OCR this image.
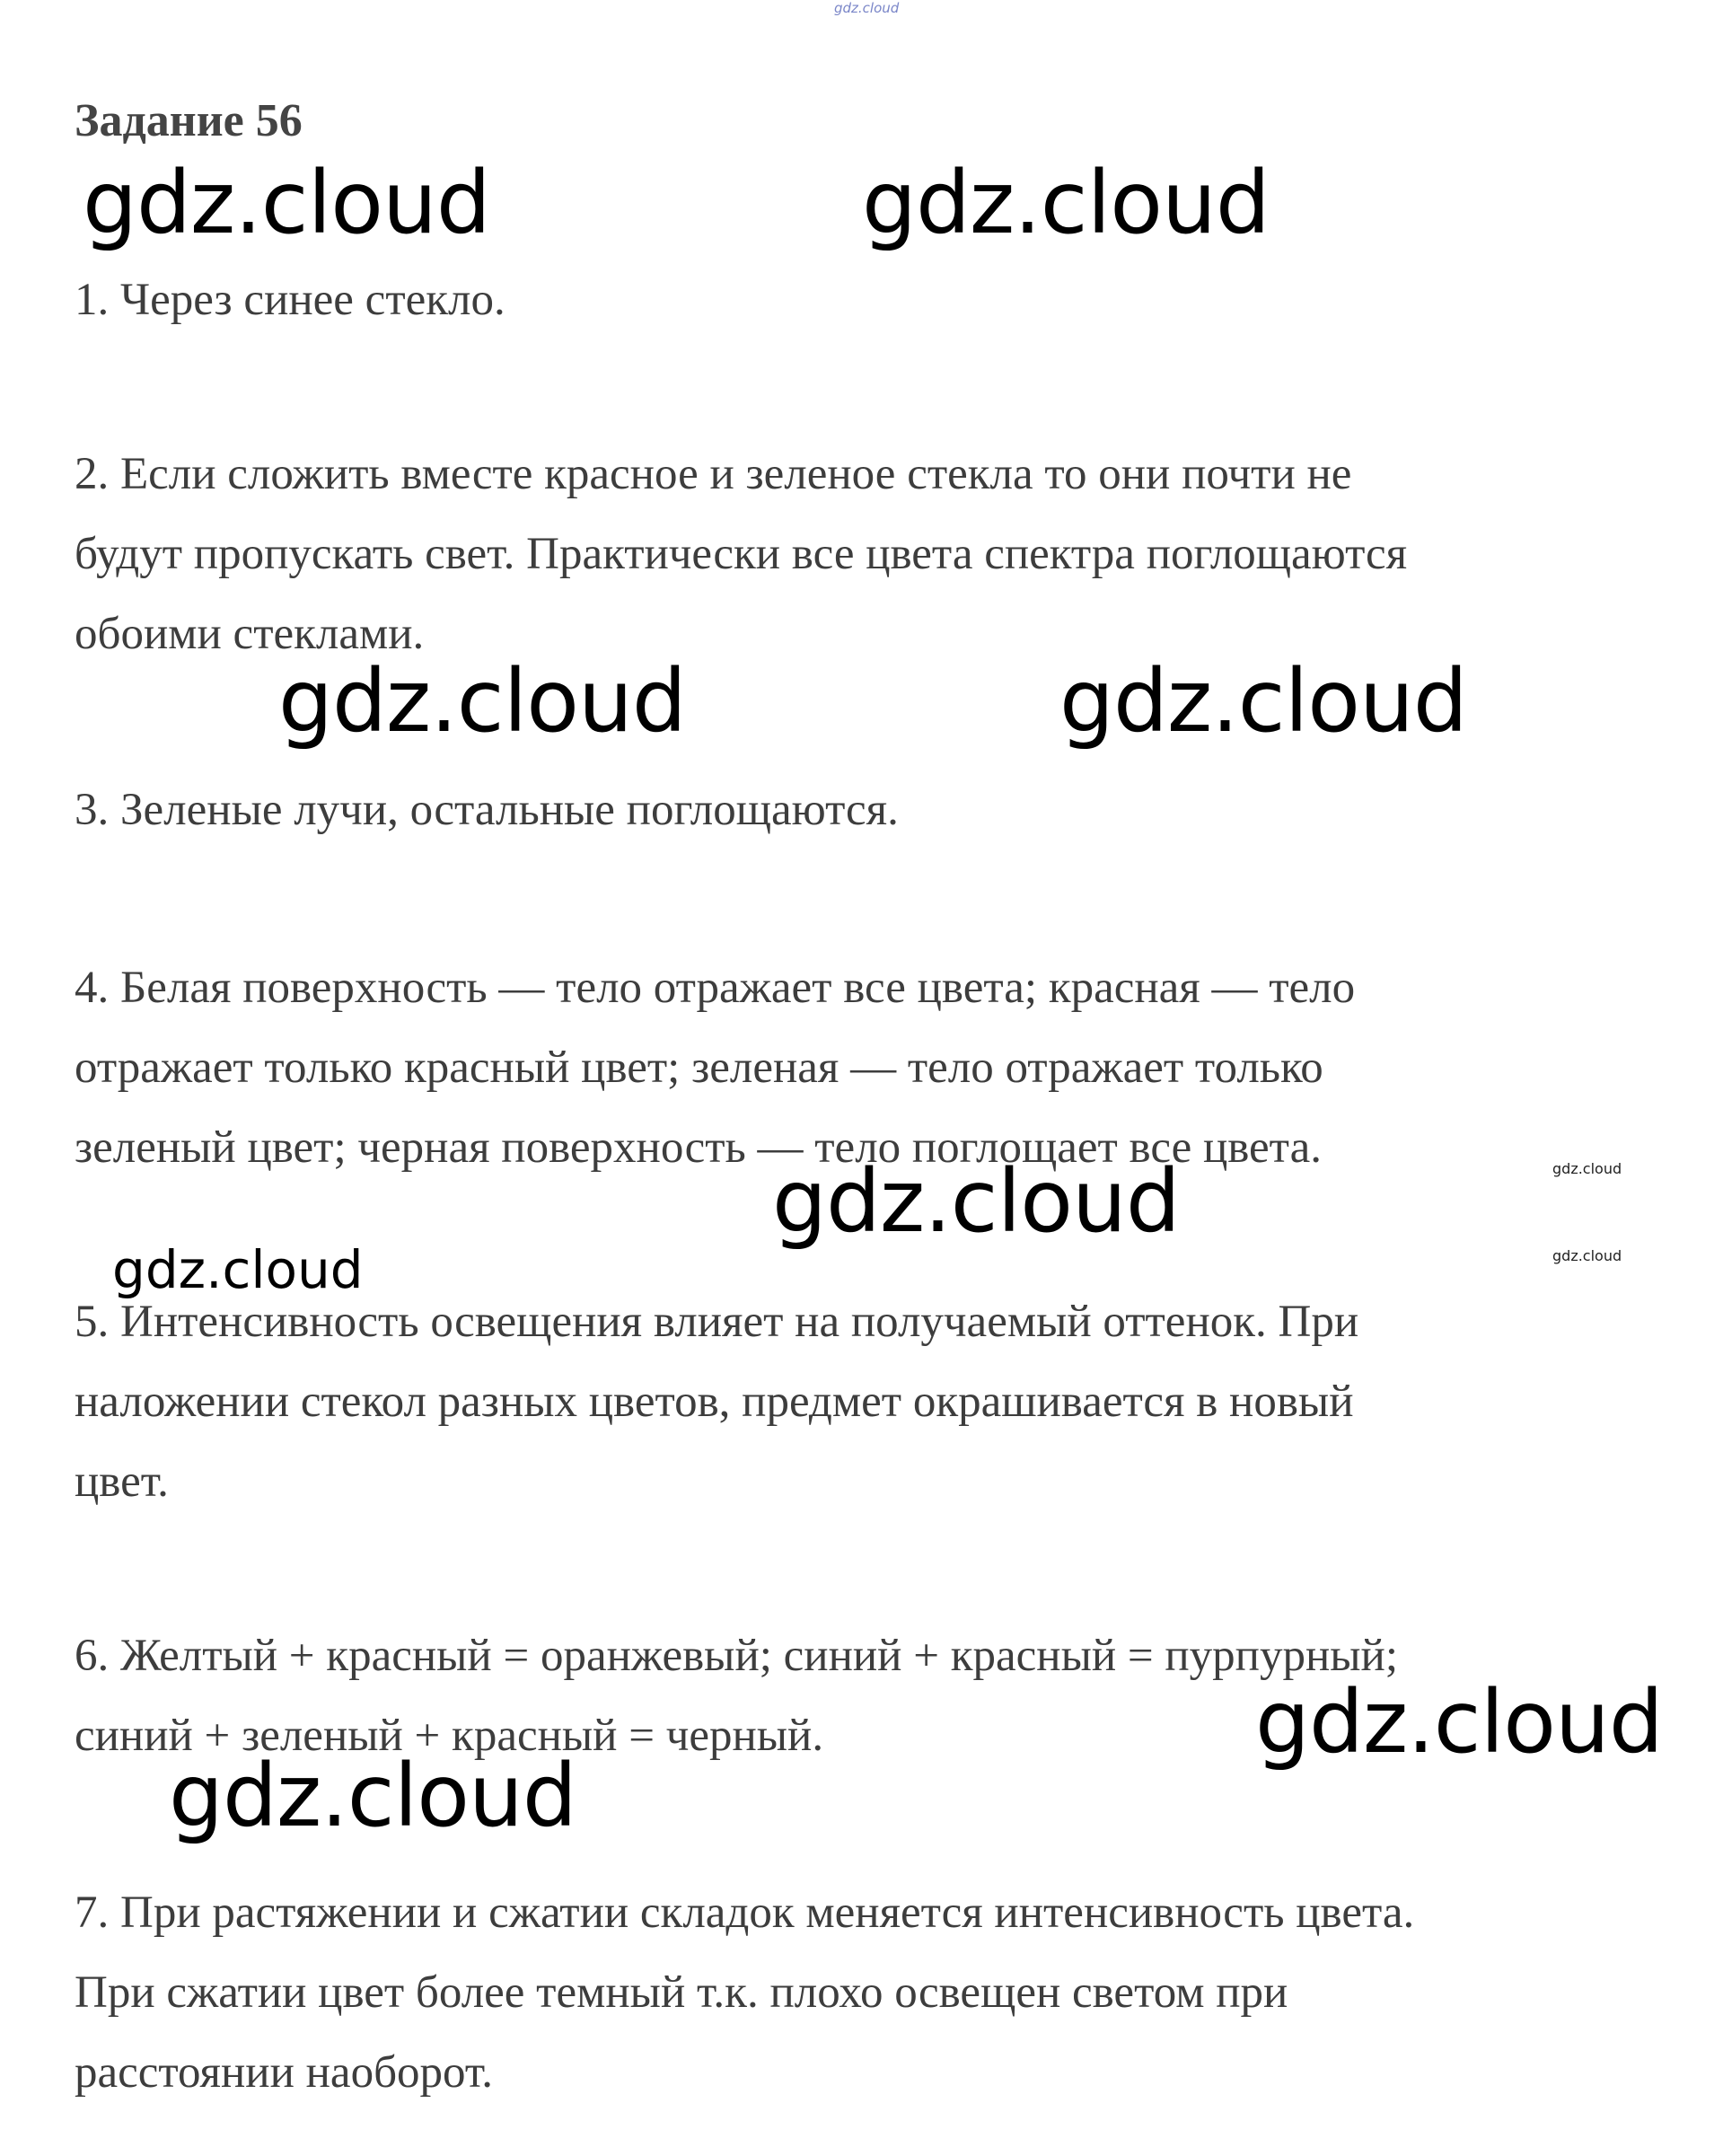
gdz.cloud
Задание 56

1. Через синее стекло.

2. Если сложить вместе красное и зеленое стекла то они почти не
будут пропускать свет. Практически все цвета спектра поглощаются
обоими стеклами.

3. Зеленые лучи, остальные поглощаются.

4. Белая поверхность — тело отражает все цвета; красная — тело
отражает только красный цвет; зеленая — тело отражает только
зеленый цвет; черная поверхность — тело поглощает все цвета.

5. Интенсивность освещения влияет на получаемый оттенок. При
наложении стекол разных цветов, предмет окрашивается в новый
цвет.

6. Желтый + красный = оранжевый; синий + красный = пурпурный;
синий + зеленый + красный = черный.

7. При растяжении и сжатии складок меняется интенсивность цвета.
При сжатии цвет более темный т.к. плохо освещен светом при
расстоянии наоборот.

gdz.cloud	gdz.cloud
gdz.cloud	gdz.cloud
gdz.cloud
gdz.cloud
gdz.cloud
gdz.cloud
gdz.cloud
gdz.cloud
